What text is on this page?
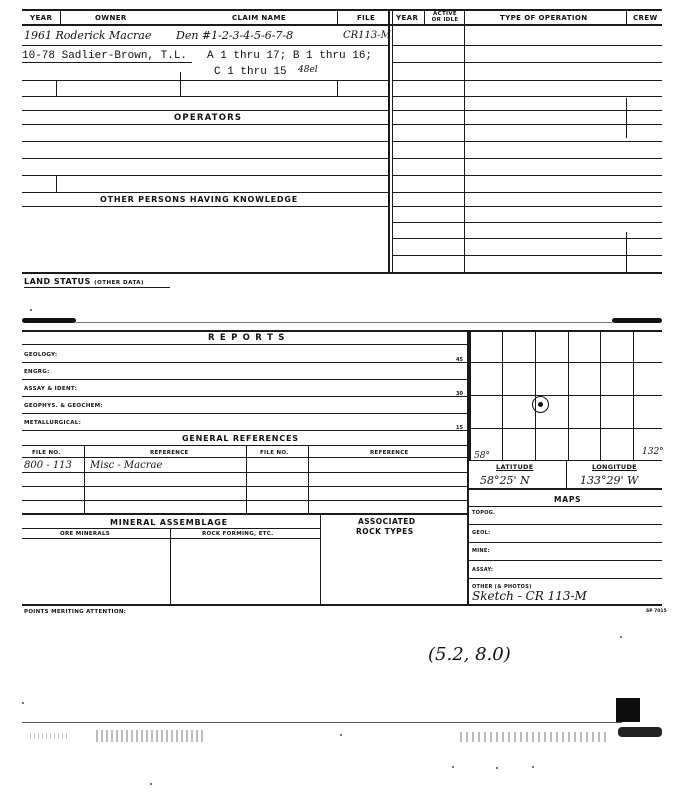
YEAR	OWNER	CLAIM NAME	FILE	YEAR	ACTIVE OR IDLE	TYPE OF OPERATION	CREW
1961 Roderick Macrae Den #1-2-3-4-5-6-7-8	CR113-M
10-78 Sadlier-Brown, T.L. A 1 thru 17; B 1 thru 16;
C 1 thru 15 48el
OPERATORS
OTHER PERSONS HAVING KNOWLEDGE
LAND STATUS (OTHER DATA)
R E P O R T S
GEOLOGY:
ENGRG:
ASSAY & IDENT:
GEOPHYS. & GEOCHEM:
METALLURGICAL:
45
30
15
GENERAL REFERENCES
FILE NO.	REFERENCE	FILE NO.	REFERENCE
800 - 113 Misc - Macrae
MINERAL ASSEMBLAGE	ASSOCIATED
ROCK TYPES
ORE MINERALS	ROCK FORMING, ETC.
POINTS MERITING ATTENTION:	SP 7015
58°	132°
LATITUDE	LONGITUDE
58°25' N	133°29' W
MAPS
TOPOG.
GEOL:
MINE:
ASSAY:
OTHER (& PHOTOS)
Sketch - CR 113-M
(5.2, 8.0)
